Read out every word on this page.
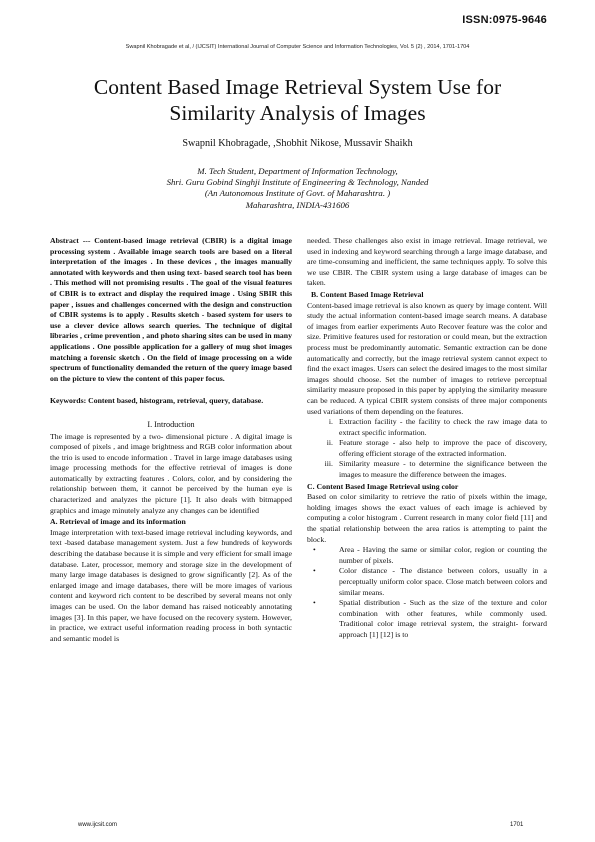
ISSN:0975-9646
Swapnil Khobragade et al, / (IJCSIT) International Journal of Computer Science and Information Technologies, Vol. 5 (2) , 2014, 1701-1704
Content Based Image Retrieval System Use for
Similarity Analysis of Images
Swapnil Khobragade, ,Shobhit Nikose, Mussavir Shaikh
M. Tech Student, Department of Information Technology,
Shri. Guru Gobind Singhji Institute of Engineering & Technology, Nanded
(An Autonomous Institute of Govt. of Maharashtra. )
Maharashtra, INDIA-431606

Abstract --- Content-based image retrieval (CBIR) is a digital image processing system . Available image search tools are based on a literal interpretation of the images . In these devices , the images manually annotated with keywords and then using text- based search tool has been . This method will not promising results . The goal of the visual features of CBIR is to extract and display the required image . Using SBIR this paper , issues and challenges concerned with the design and construction of CBIR systems is to apply . Results sketch - based system for users to use a clever device allows search queries. The technique of digital libraries , crime prevention , and photo sharing sites can be used in many applications . One possible application for a gallery of mug shot images matching a forensic sketch . On the field of image processing on a wide spectrum of functionality demanded the return of the query image based on the picture to view the content of this paper focus.

Keywords: Content based, histogram, retrieval, query, database.

I. Introduction

The image is represented by a two- dimensional picture . A digital image is composed of pixels , and image brightness and RGB color information about the trio is used to encode information . Travel in large image databases using image processing methods for the effective retrieval of images is done automatically by extracting features . Colors, color, and by considering the relationship between them, it cannot be perceived by the human eye is characterized and analyzes the picture [1]. It also deals with bitmapped graphics and image minutely analyze any changes can be identified

A. Retrieval of image and its information

Image interpretation with text-based image retrieval including keywords, and text -based database management system. Just a few hundreds of keywords describing the database because it is simple and very efficient for small image database. Later, processor, memory and storage size in the development of many large image databases is designed to grow significantly [2]. As of the enlarged image and image databases, there will be more images of various content and keyword rich content to be described by several means not only images can be used. On the labor demand has raised noticeably annotating images [3]. In this paper, we have focused on the recovery system. However, in practice, we extract useful information reading process in both syntactic and semantic model is

needed. These challenges also exist in image retrieval. Image retrieval, we used in indexing and keyword searching through a large image database, and are time-consuming and inefficient, the same techniques apply. To solve this we use CBIR. The CBIR system using a large database of images can be taken.

B. Content Based Image Retrieval

Content-based image retrieval is also known as query by image content. Will study the actual information content-based image search means. A database of images from earlier experiments Auto Recover feature was the color and size. Primitive features used for restoration or could mean, but the extraction process must be predominantly automatic. Semantic extraction can be done automatically and correctly, but the image retrieval system cannot expect to find the exact images. Users can select the desired images to the most similar images should choose. Set the number of images to retrieve perceptual similarity measure proposed in this paper by applying the similarity measure can be reduced. A typical CBIR system consists of three major components used variations of them depending on the features.

i. Extraction facility - the facility to check the raw image data to extract specific information.
ii. Feature storage - also help to improve the pace of discovery, offering efficient storage of the extracted information.
iii. Similarity measure - to determine the significance between the images to measure the difference between the images.

C. Content Based Image Retrieval using color

Based on color similarity to retrieve the ratio of pixels within the image, holding images shows the exact values of each image is achieved by computing a color histogram . Current research in many color field [11] and the spatial relationship between the area ratios is attempting to paint the block.

•	Area - Having the same or similar color, region or counting the number of pixels.
•	Color distance - The distance between colors, usually in a perceptually uniform color space. Close match between colors and similar means.
•	Spatial distribution - Such as the size of the texture and color combination with other features, while commonly used. Traditional color image retrieval system, the straight- forward approach [1] [12] is to
www.ijcsit.com	1701
